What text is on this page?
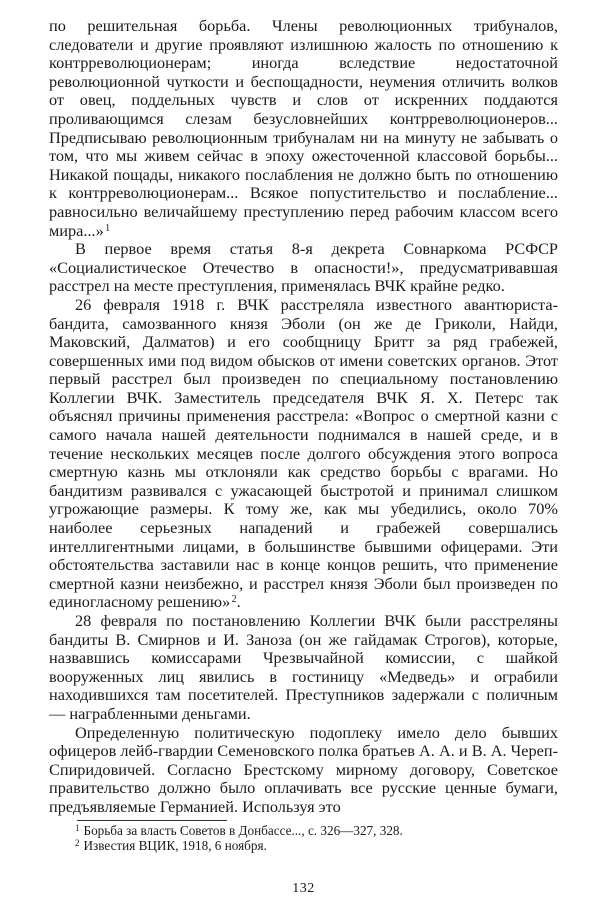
по решительная борьба. Члены революционных трибуналов, следователи и другие проявляют излишнюю жалость по отношению к контрреволюционерам; иногда вследствие недостаточной революционной чуткости и беспощадности, неумения отличить волков от овец, поддельных чувств и слов от искренних поддаются проливающимся слезам безусловнейших контрреволюционеров... Предписываю революционным трибуналам ни на минуту не забывать о том, что мы живем сейчас в эпоху ожесточенной классовой борьбы... Никакой пощады, никакого послабления не должно быть по отношению к контрреволюционерам... Всякое попустительство и послабление... равносильно величайшему преступлению перед рабочим классом всего мира...» $^1$

В первое время статья 8-я декрета Совнаркома РСФСР «Социалистическое Отечество в опасности!», предусматривавшая расстрел на месте преступления, применялась ВЧК крайне редко.

26 февраля 1918 г. ВЧК расстреляла известного авантюриста-бандита, самозванного князя Эболи (он же де Гриколи, Найди, Маковский, Далматов) и его сообщницу Бритт за ряд грабежей, совершенных ими под видом обысков от имени советских органов. Этот первый расстрел был произведен по специальному постановлению Коллегии ВЧК. Заместитель председателя ВЧК Я. Х. Петерс так объяснял причины применения расстрела: «Вопрос о смертной казни с самого начала нашей деятельности поднимался в нашей среде, и в течение нескольких месяцев после долгого обсуждения этого вопроса смертную казнь мы отклоняли как средство борьбы с врагами. Но бандитизм развивался с ужасающей быстротой и принимал слишком угрожающие размеры. К тому же, как мы убедились, около 70% наиболее серьезных нападений и грабежей совершались интеллигентными лицами, в большинстве бывшими офицерами. Эти обстоятельства заставили нас в конце концов решить, что применение смертной казни неизбежно, и расстрел князя Эболи был произведен по единогласному решению» $^2$.

28 февраля по постановлению Коллегии ВЧК были расстреляны бандиты В. Смирнов и И. Заноза (он же гайдамак Строгов), которые, назвавшись комиссарами Чрезвычайной комиссии, с шайкой вооруженных лиц явились в гостиницу «Медведь» и ограбили находившихся там посетителей. Преступников задержали с поличным — награбленными деньгами.

Определенную политическую подоплеку имело дело бывших офицеров лейб-гвардии Семеновского полка братьев А. А. и В. А. Череп-Спиридовичей. Согласно Брестскому мирному договору, Советское правительство должно было оплачивать все русские ценные бумаги, предъявляемые Германией. Используя это

$^1$ Борьба за власть Советов в Донбассе..., с. 326—327, 328.

$^2$ Известия ВЦИК, 1918, 6 ноября.

132
